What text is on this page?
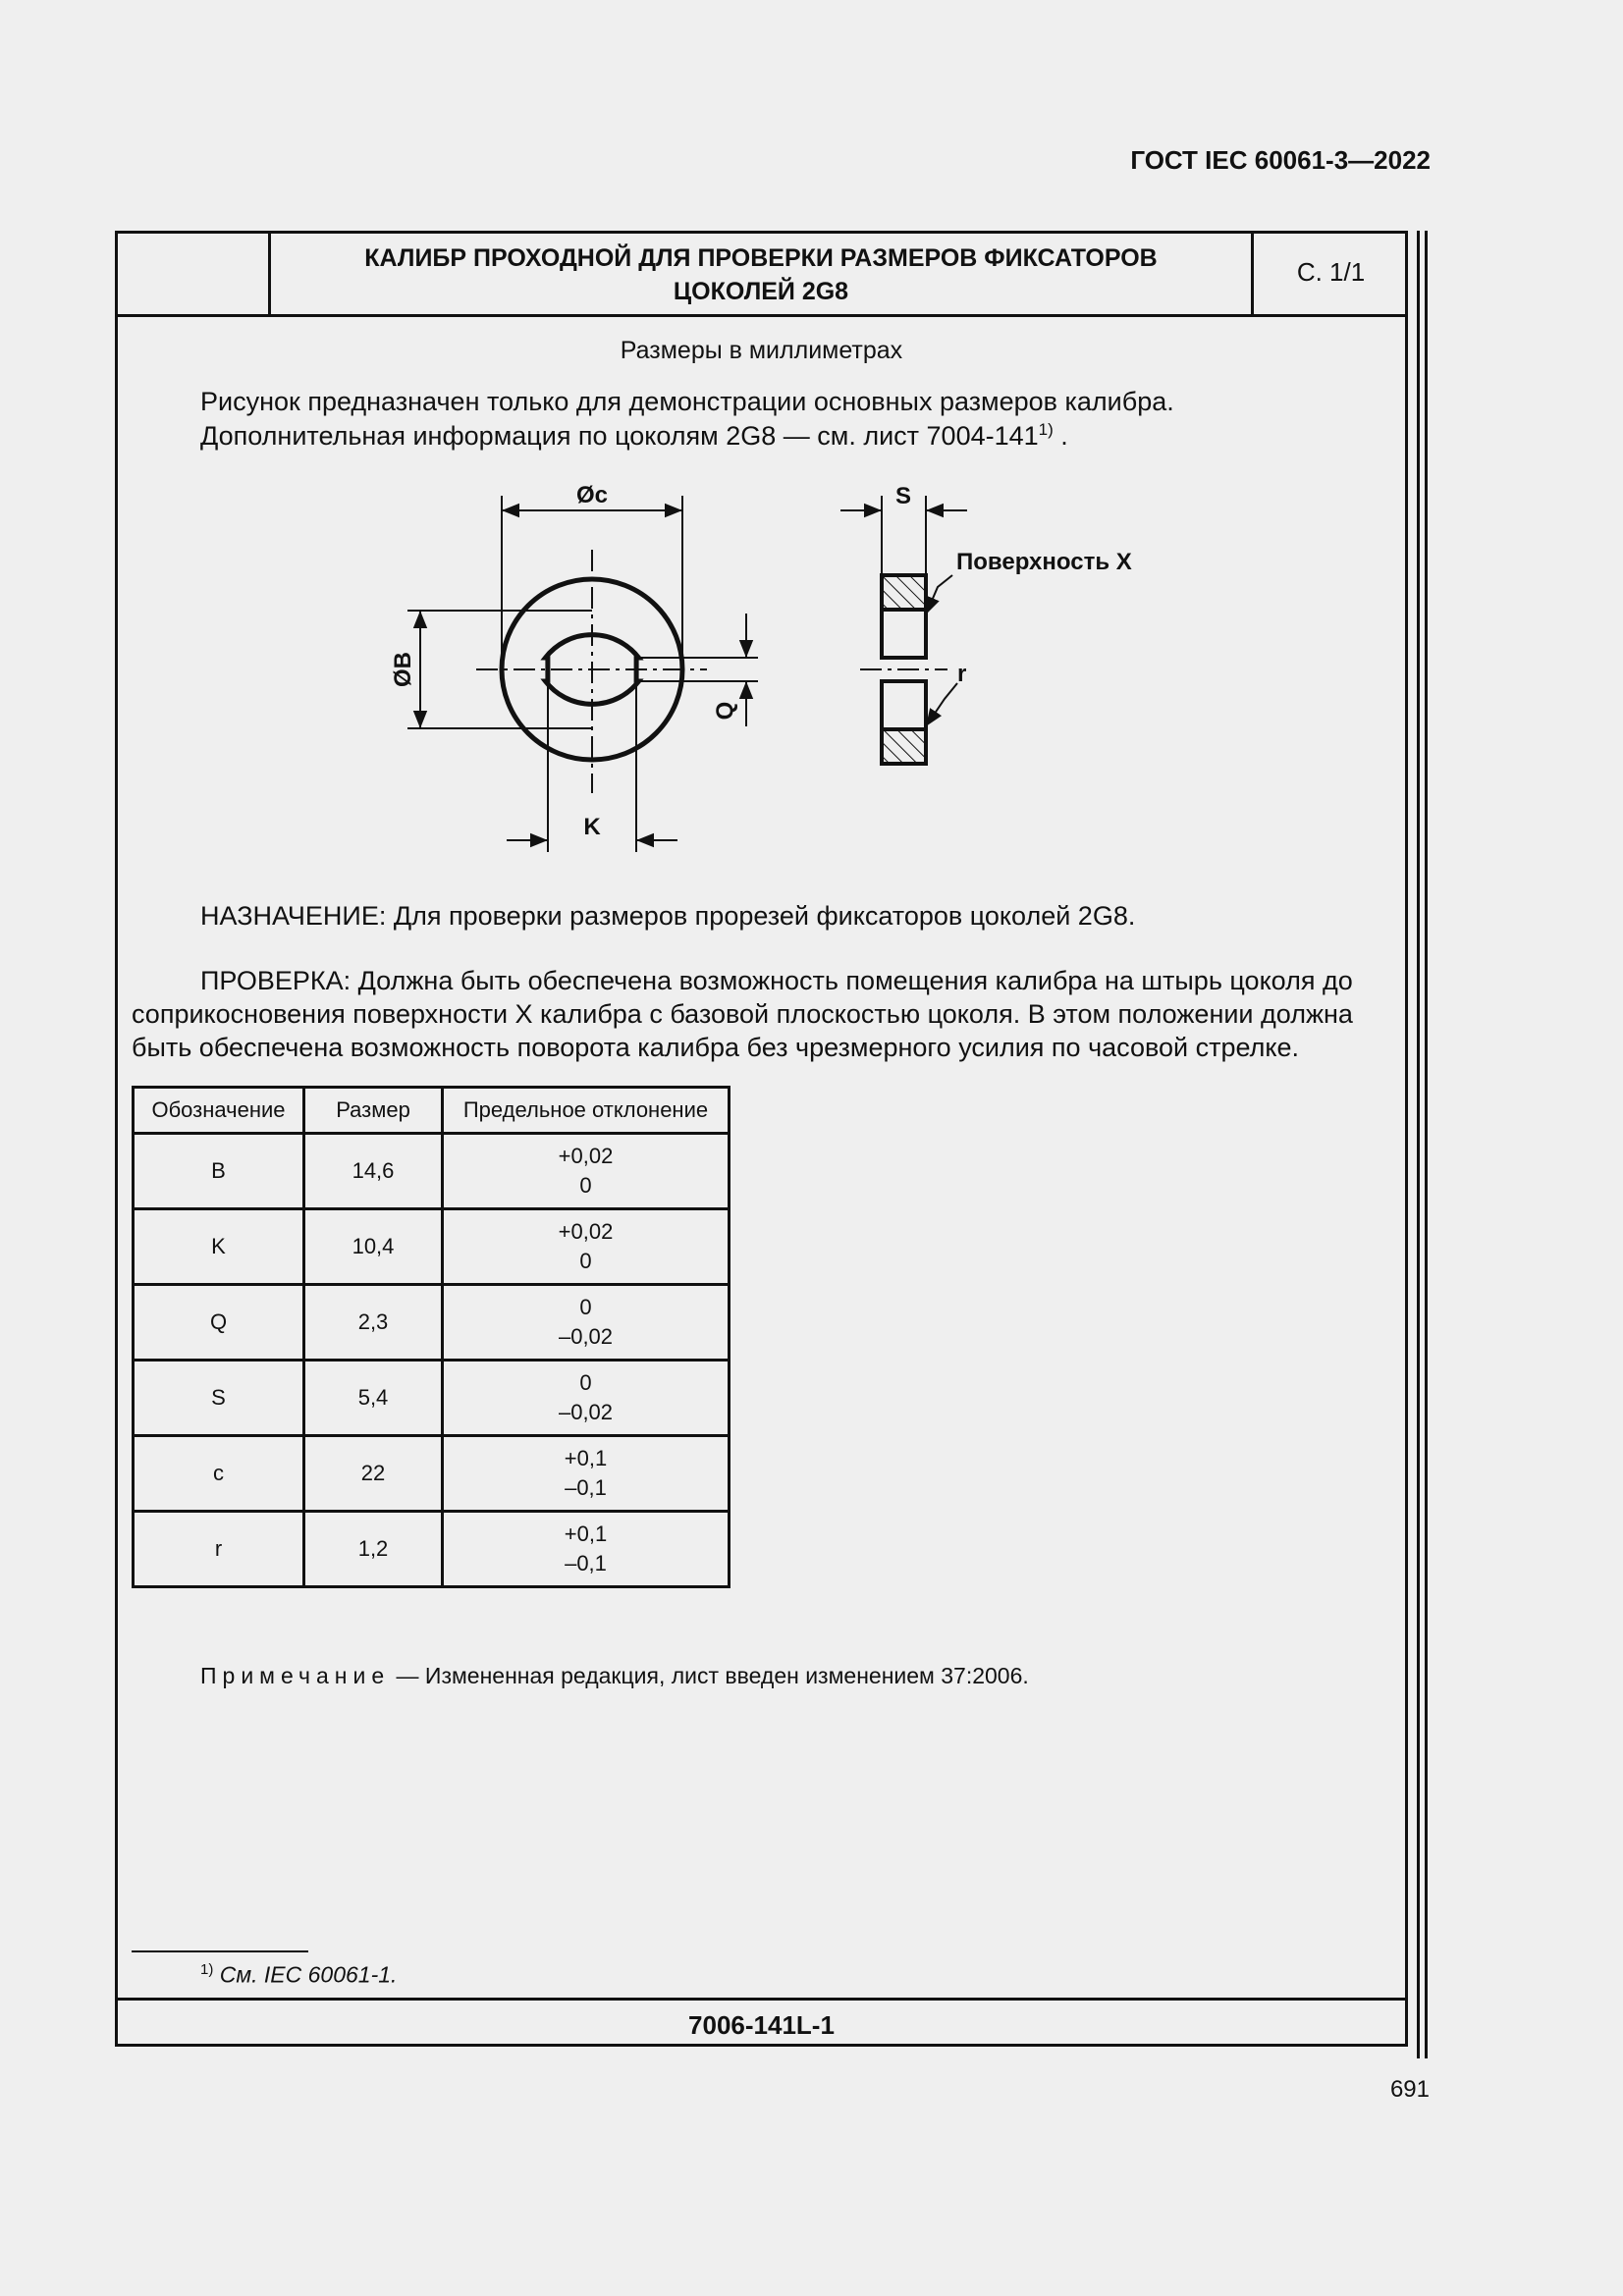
ГОСТ IEC 60061-3—2022
КАЛИБР ПРОХОДНОЙ ДЛЯ ПРОВЕРКИ РАЗМЕРОВ ФИКСАТОРОВ
ЦОКОЛЕЙ 2G8
С. 1/1
Размеры в миллиметрах
Рисунок предназначен только для демонстрации основных размеров калибра.
Дополнительная информация по цоколям 2G8 — см. лист 7004-141$^{1)}$ .
Øc
ØB
Q
K
S
Поверхность X
r
НАЗНАЧЕНИЕ: Для проверки размеров прорезей фиксаторов цоколей 2G8.
ПРОВЕРКА: Должна быть обеспечена возможность помещения калибра на штырь цоколя до соприкосновения поверхности X калибра с базовой плоскостью цоколя. В этом положении должна быть обеспечена возможность поворота калибра без чрезмерного усилия по часовой стрелке.
Обозначение	Размер	Предельное отклонение
B	14,6	+0,02
0

K	10,4	+0,02
0

Q	2,3	0
–0,02

S	5,4	0
–0,02

c	22	+0,1
–0,1

r	1,2	+0,1
–0,1
Примечание — Измененная редакция, лист введен изменением 37:2006.
$^{1)}$ См. IEC 60061-1.
7006-141L-1
691
